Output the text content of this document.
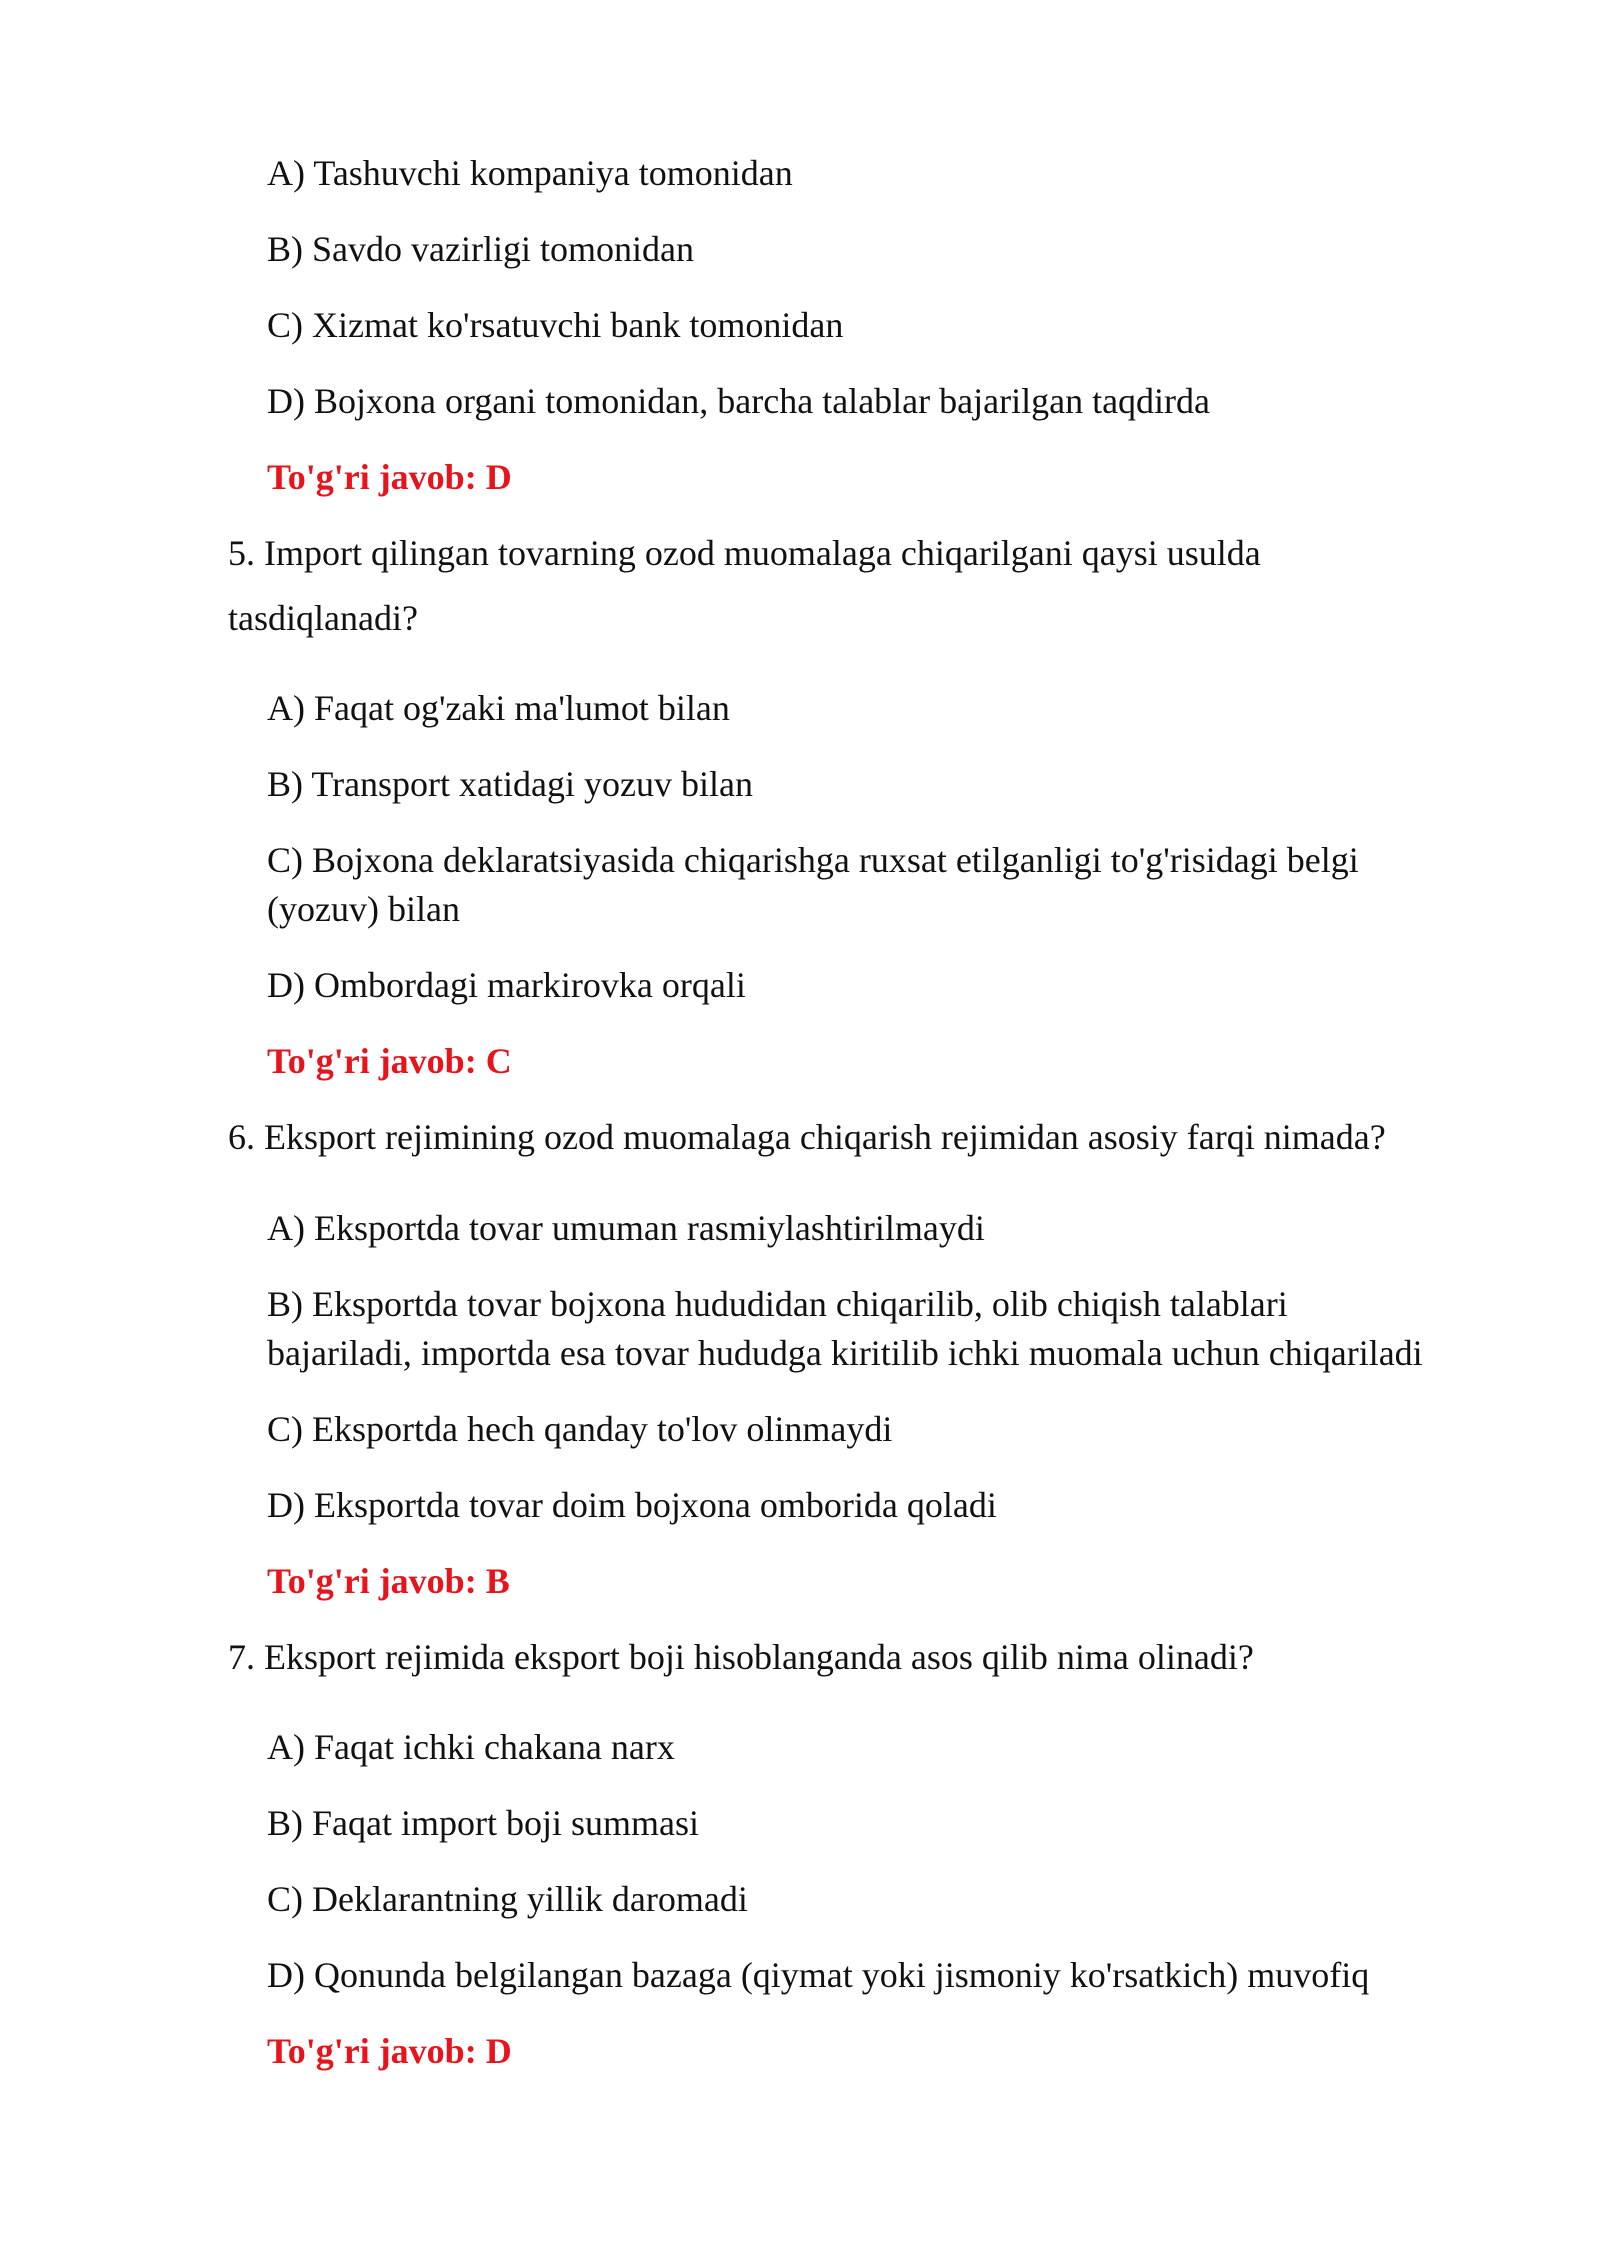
A) Tashuvchi kompaniya tomonidan
B) Savdo vazirligi tomonidan
C) Xizmat ko'rsatuvchi bank tomonidan
D) Bojxona organi tomonidan, barcha talablar bajarilgan taqdirda
To'g'ri javob: D
5. Import qilingan tovarning ozod muomalaga chiqarilgani qaysi usulda
tasdiqlanadi?
A) Faqat og'zaki ma'lumot bilan
B) Transport xatidagi yozuv bilan
C) Bojxona deklaratsiyasida chiqarishga ruxsat etilganligi to'g'risidagi belgi
(yozuv) bilan
D) Ombordagi markirovka orqali
To'g'ri javob: C
6. Eksport rejimining ozod muomalaga chiqarish rejimidan asosiy farqi nimada?
A) Eksportda tovar umuman rasmiylashtirilmaydi
B) Eksportda tovar bojxona hududidan chiqarilib, olib chiqish talablari
bajariladi, importda esa tovar hududga kiritilib ichki muomala uchun chiqariladi
C) Eksportda hech qanday to'lov olinmaydi
D) Eksportda tovar doim bojxona omborida qoladi
To'g'ri javob: B
7. Eksport rejimida eksport boji hisoblanganda asos qilib nima olinadi?
A) Faqat ichki chakana narx
B) Faqat import boji summasi
C) Deklarantning yillik daromadi
D) Qonunda belgilangan bazaga (qiymat yoki jismoniy ko'rsatkich) muvofiq
To'g'ri javob: D
